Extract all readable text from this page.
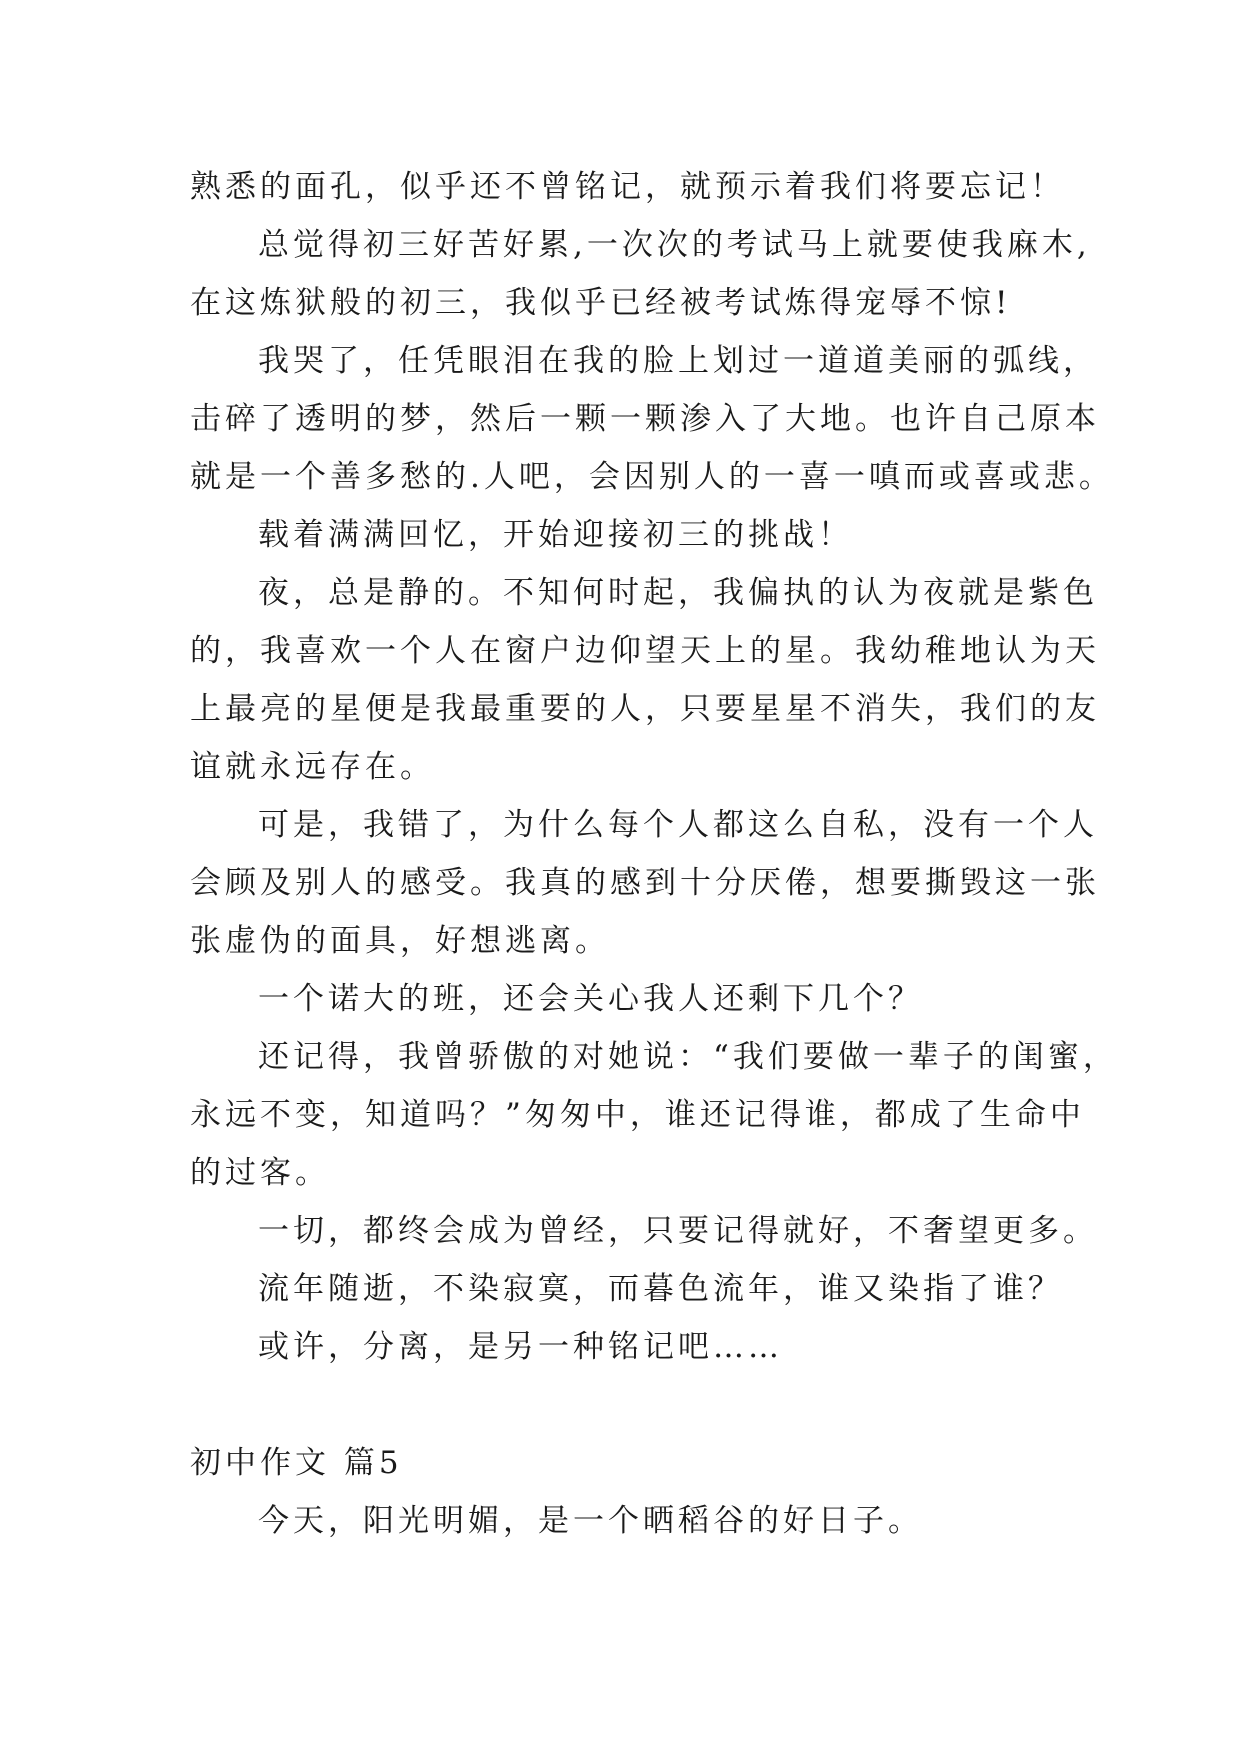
熟悉的面孔，似乎还不曾铭记，就预示着我们将要忘记！
总觉得初三好苦好累,一次次的考试马上就要使我麻木,
在这炼狱般的初三，我似乎已经被考试炼得宠辱不惊!
我哭了，任凭眼泪在我的脸上划过一道道美丽的弧线，
击碎了透明的梦，然后一颗一颗渗入了大地。也许自己原本
就是一个善多愁的.人吧，会因别人的一喜一嗔而或喜或悲。
载着满满回忆，开始迎接初三的挑战！
夜，总是静的。不知何时起，我偏执的认为夜就是紫色
的，我喜欢一个人在窗户边仰望天上的星。我幼稚地认为天
上最亮的星便是我最重要的人，只要星星不消失，我们的友
谊就永远存在。
可是，我错了，为什么每个人都这么自私，没有一个人
会顾及别人的感受。我真的感到十分厌倦，想要撕毁这一张
张虚伪的面具，好想逃离。
一个诺大的班，还会关心我人还剩下几个？
还记得，我曾骄傲的对她说：“我们要做一辈子的闺蜜，
永远不变，知道吗？”匆匆中，谁还记得谁，都成了生命中
的过客。
一切，都终会成为曾经，只要记得就好，不奢望更多。
流年随逝，不染寂寞，而暮色流年，谁又染指了谁？
或许，分离，是另一种铭记吧……
初中作文 篇5
今天，阳光明媚，是一个晒稻谷的好日子。
